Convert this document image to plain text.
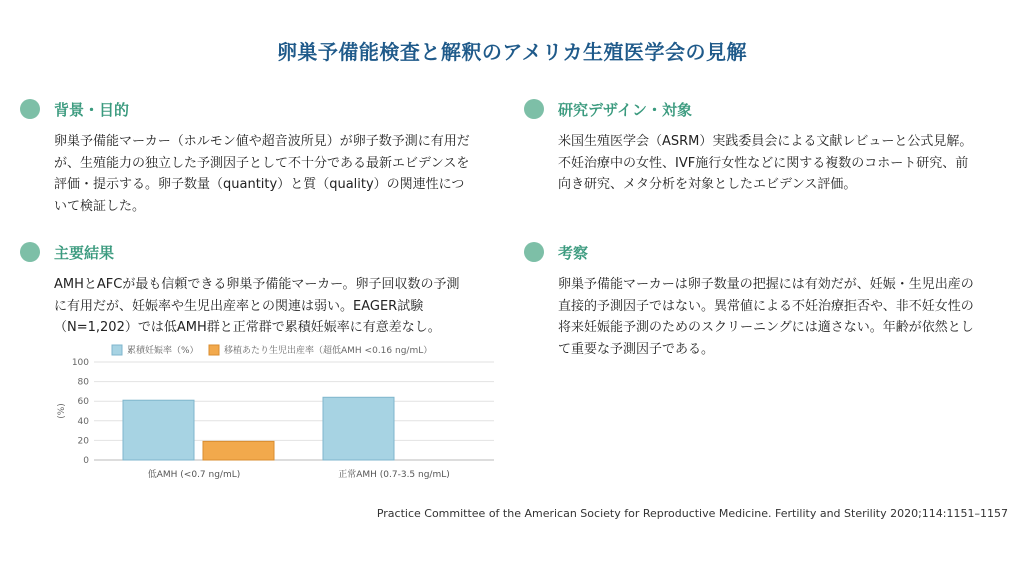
卵巣予備能検査と解釈のアメリカ生殖医学会の見解
背景・目的
卵巣予備能マーカー（ホルモン値や超音波所見）が卵子数予測に有用だが、生殖能力の独立した予測因子として不十分である最新エビデンスを評価・提示する。卵子数量（quantity）と質（quality）の関連性について検証した。
研究デザイン・対象
米国生殖医学会（ASRM）実践委員会による文献レビューと公式見解。不妊治療中の女性、IVF施行女性などに関する複数のコホート研究、前向き研究、メタ分析を対象としたエビデンス評価。
主要結果
AMHとAFCが最も信頼できる卵巣予備能マーカー。卵子回収数の予測に有用だが、妊娠率や生児出産率との関連は弱い。EAGER試験（N=1,202）では低AMH群と正常群で累積妊娠率に有意差なし。
考察
卵巣予備能マーカーは卵子数量の把握には有効だが、妊娠・生児出産の直接的予測因子ではない。異常値による不妊治療拒否や、非不妊女性の将来妊娠能予測のためのスクリーニングには適さない。年齢が依然として重要な予測因子である。
累積妊娠率（%）	移植あたり生児出産率（超低AMH <0.16 ng/mL）
0
20
40
60
80
100
(%)
低AMH (<0.7 ng/mL)	正常AMH (0.7-3.5 ng/mL)
Practice Committee of the American Society for Reproductive Medicine. Fertility and Sterility 2020;114:1151–1157
